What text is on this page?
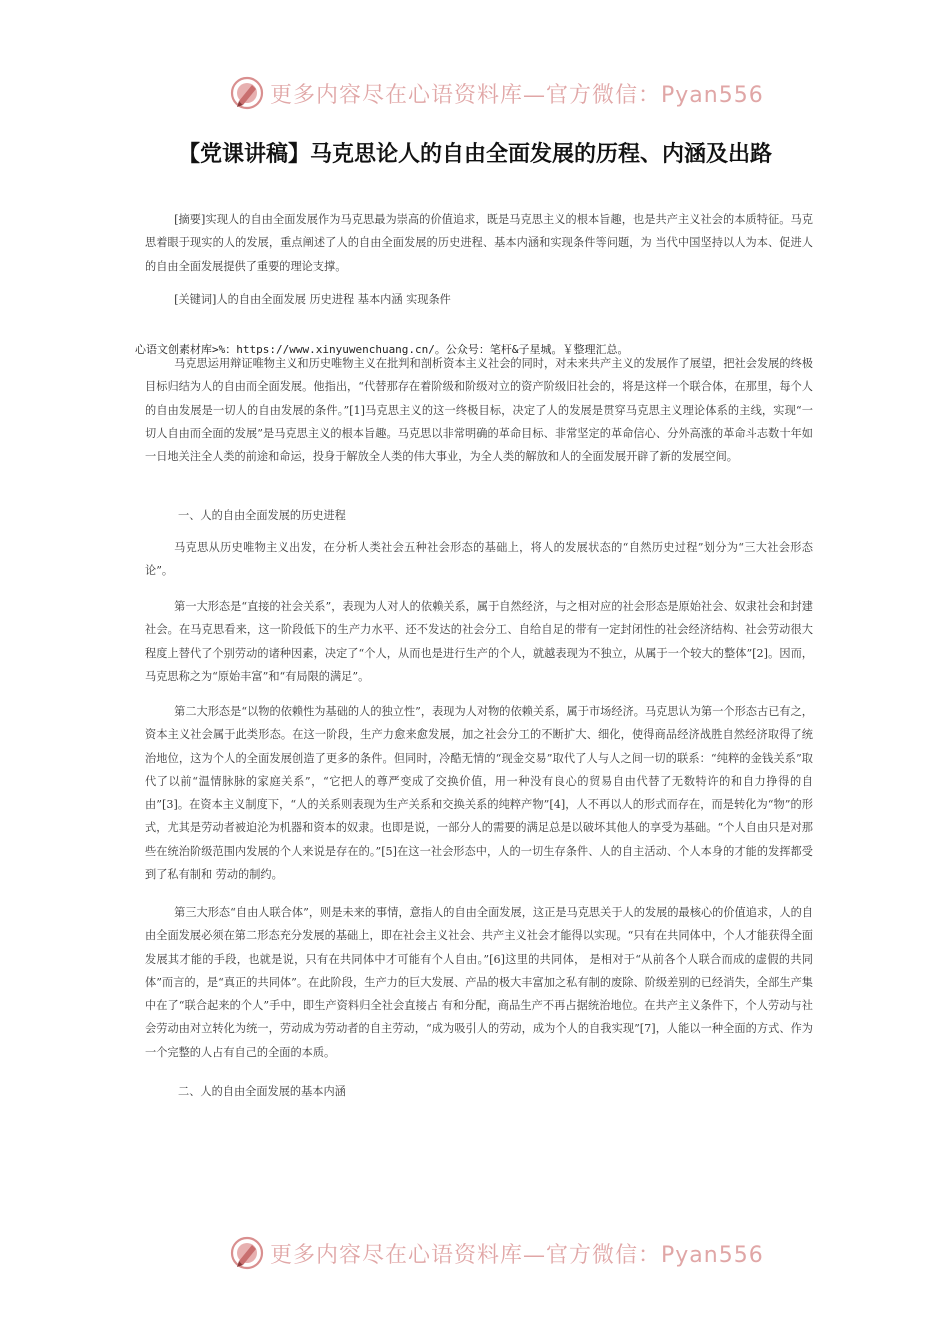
更多内容尽在心语资料库—官方微信：Pyan556
【党课讲稿】马克思论人的自由全面发展的历程、内涵及出路

[摘要]实现人的自由全面发展作为马克思最为崇高的价值追求，既是马克思主义的根本旨趣，也是共产主义社会的本质特征。马克思着眼于现实的人的发展，重点阐述了人的自由全面发展的历史进程、基本内涵和实现条件等问题，为 当代中国坚持以人为本、促进人的自由全面发展提供了重要的理论支撑。

[关键词]人的自由全面发展 历史进程 基本内涵 实现条件

心语文创素材库>%：https://www.xinyuwenchuang.cn/。公众号：笔杆&子星城。￥整理汇总。

马克思运用辩证唯物主义和历史唯物主义在批判和剖析资本主义社会的同时，对未来共产主义的发展作了展望，把社会发展的终极目标归结为人的自由而全面发展。他指出，“代替那存在着阶级和阶级对立的资产阶级旧社会的，将是这样一个联合体，在那里，每个人的自由发展是一切人的自由发展的条件。”[1]马克思主义的这一终极目标，决定了人的发展是贯穿马克思主义理论体系的主线，实现“一切人自由而全面的发展”是马克思主义的根本旨趣。马克思以非常明确的革命目标、非常坚定的革命信心、分外高涨的革命斗志数十年如一日地关注全人类的前途和命运，投身于解放全人类的伟大事业，为全人类的解放和人的全面发展开辟了新的发展空间。

一、人的自由全面发展的历史进程

马克思从历史唯物主义出发，在分析人类社会五种社会形态的基础上，将人的发展状态的“自然历史过程”划分为“三大社会形态论”。

第一大形态是“直接的社会关系”，表现为人对人的依赖关系，属于自然经济，与之相对应的社会形态是原始社会、奴隶社会和封建社会。在马克思看来，这一阶段低下的生产力水平、还不发达的社会分工、自给自足的带有一定封闭性的社会经济结构、社会劳动很大程度上替代了个别劳动的诸种因素，决定了“个人，从而也是进行生产的个人，就越表现为不独立，从属于一个较大的整体”[2]。因而，马克思称之为“原始丰富”和“有局限的满足”。

第二大形态是“以物的依赖性为基础的人的独立性”，表现为人对物的依赖关系，属于市场经济。马克思认为第一个形态古已有之，资本主义社会属于此类形态。在这一阶段，生产力愈来愈发展，加之社会分工的不断扩大、细化，使得商品经济战胜自然经济取得了统治地位，这为个人的全面发展创造了更多的条件。但同时，冷酷无情的“现金交易”取代了人与人之间一切的联系：“纯粹的金钱关系”取代了以前“温情脉脉的家庭关系”，“它把人的尊严变成了交换价值，用一种没有良心的贸易自由代替了无数特许的和自力挣得的自由”[3]。在资本主义制度下，“人的关系则表现为生产关系和交换关系的纯粹产物”[4]，人不再以人的形式而存在，而是转化为“物”的形式，尤其是劳动者被迫沦为机器和资本的奴隶。也即是说，一部分人的需要的满足总是以破坏其他人的享受为基础。“个人自由只是对那些在统治阶级范围内发展的个人来说是存在的。”[5]在这一社会形态中，人的一切生存条件、人的自主活动、个人本身的才能的发挥都受到了私有制和 劳动的制约。

第三大形态“自由人联合体”，则是未来的事情，意指人的自由全面发展，这正是马克思关于人的发展的最核心的价值追求，人的自由全面发展必须在第二形态充分发展的基础上，即在社会主义社会、共产主义社会才能得以实现。“只有在共同体中，个人才能获得全面发展其才能的手段，也就是说，只有在共同体中才可能有个人自由。”[6]这里的共同体， 是相对于“从前各个人联合而成的虚假的共同体”而言的，是“真正的共同体”。在此阶段，生产力的巨大发展、产品的极大丰富加之私有制的废除、阶级差别的已经消失，全部生产集中在了“联合起来的个人”手中，即生产资料归全社会直接占 有和分配，商品生产不再占据统治地位。在共产主义条件下，个人劳动与社会劳动由对立转化为统一，劳动成为劳动者的自主劳动，“成为吸引人的劳动，成为个人的自我实现”[7]，人能以一种全面的方式、作为一个完整的人占有自己的全面的本质。

二、人的自由全面发展的基本内涵
更多内容尽在心语资料库—官方微信：Pyan556
